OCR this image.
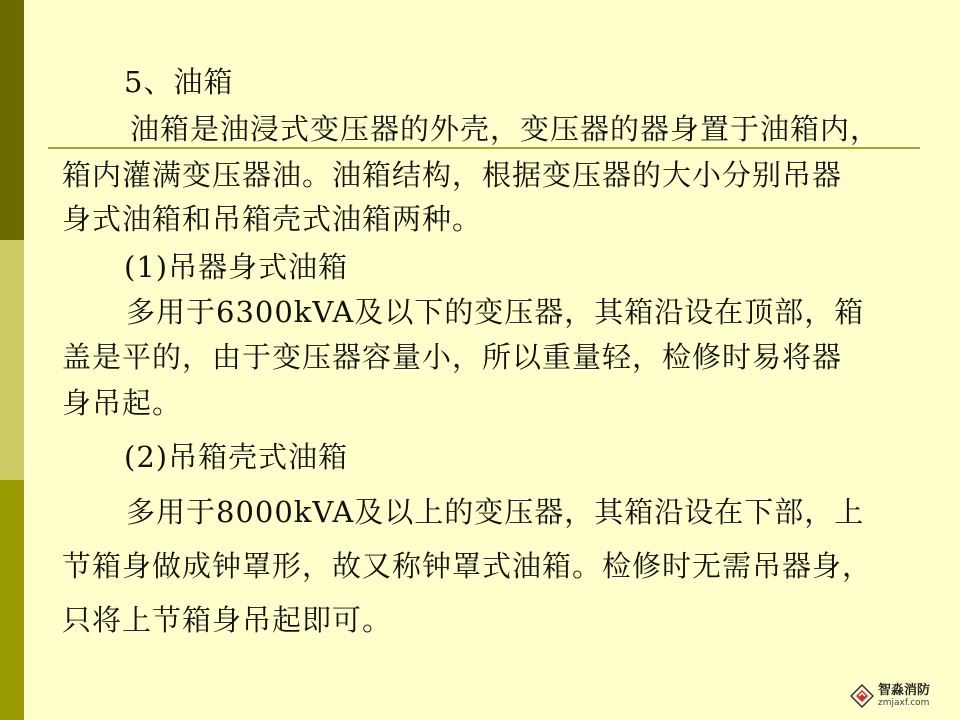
5、油箱
油箱是油浸式变压器的外壳，变压器的器身置于油箱内，
箱内灌满变压器油。油箱结构，根据变压器的大小分别吊器
身式油箱和吊箱壳式油箱两种。
(1)吊器身式油箱
多用于6300kVA及以下的变压器，其箱沿设在顶部，箱
盖是平的，由于变压器容量小，所以重量轻，检修时易将器
身吊起。
(2)吊箱壳式油箱
多用于8000kVA及以上的变压器，其箱沿设在下部，上
节箱身做成钟罩形，故又称钟罩式油箱。检修时无需吊器身，
只将上节箱身吊起即可。
智淼消防
zmjaxf.com
